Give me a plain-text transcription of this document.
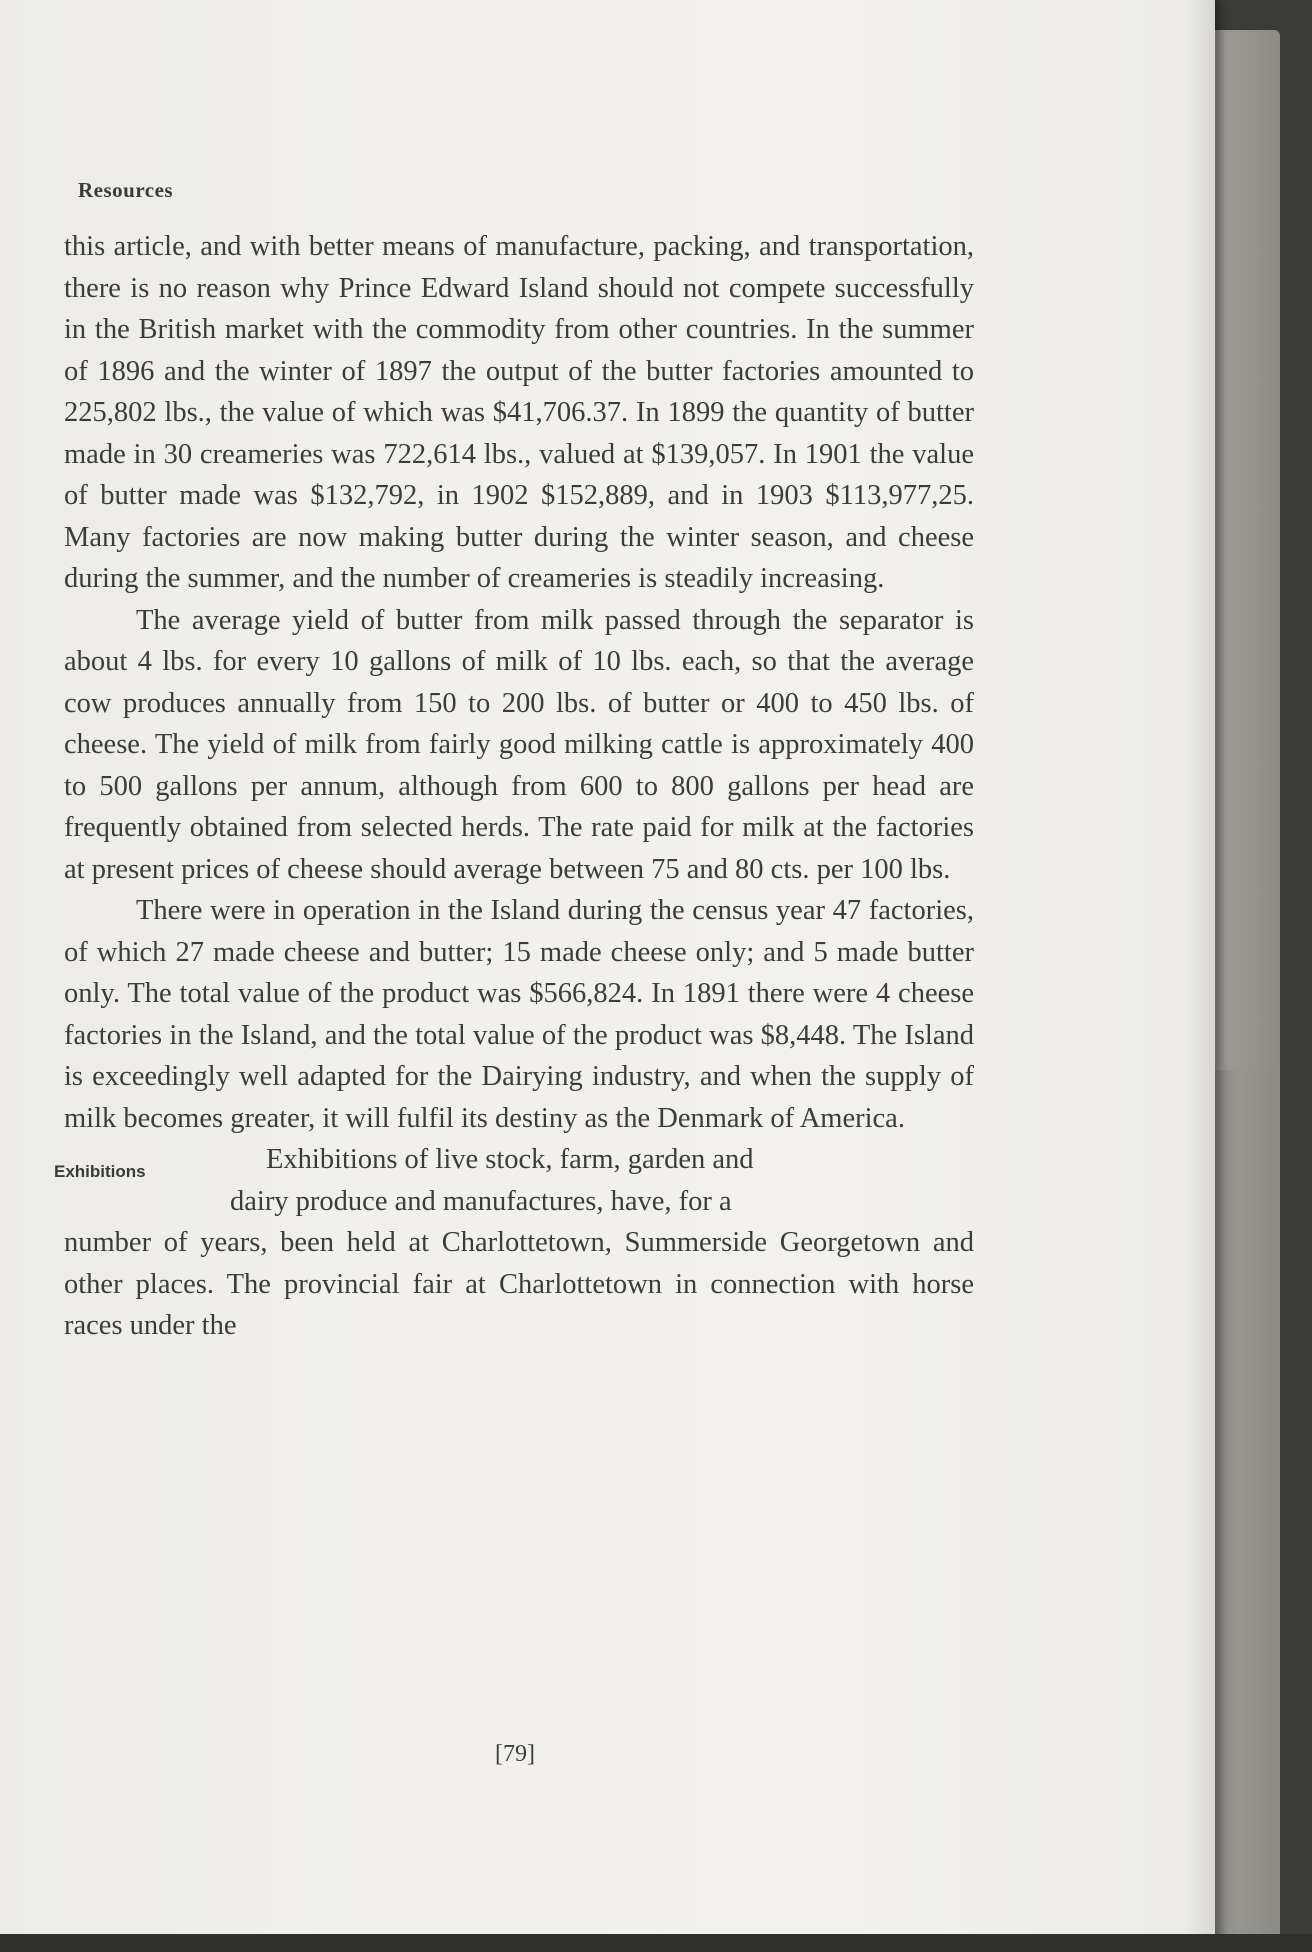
Resources

this article, and with better means of manufacture, packing, and transportation, there is no reason why Prince Edward Island should not compete successfully in the British market with the commodity from other countries. In the summer of 1896 and the winter of 1897 the output of the butter factories amounted to 225,802 lbs., the value of which was $41,706.37. In 1899 the quantity of butter made in 30 creameries was 722,614 lbs., valued at $139,057. In 1901 the value of butter made was $132,792, in 1902 $152,889, and in 1903 $113,977,25. Many factories are now making butter during the winter season, and cheese during the summer, and the number of creameries is steadily increasing.

The average yield of butter from milk passed through the separator is about 4 lbs. for every 10 gallons of milk of 10 lbs. each, so that the average cow produces annually from 150 to 200 lbs. of butter or 400 to 450 lbs. of cheese. The yield of milk from fairly good milking cattle is approximately 400 to 500 gallons per annum, although from 600 to 800 gallons per head are frequently obtained from selected herds. The rate paid for milk at the factories at present prices of cheese should average between 75 and 80 cts. per 100 lbs.

There were in operation in the Island during the census year 47 factories, of which 27 made cheese and butter; 15 made cheese only; and 5 made butter only. The total value of the product was $566,824. In 1891 there were 4 cheese factories in the Island, and the total value of the product was $8,448. The Island is exceedingly well adapted for the Dairying industry, and when the supply of milk becomes greater, it will fulfil its destiny as the Denmark of America.

Exhibitions	Exhibitions of live stock, farm, garden and

dairy produce and manufactures, have, for a

number of years, been held at Charlottetown, Summerside Georgetown and other places. The provincial fair at Charlottetown in connection with horse races under the

[79]
